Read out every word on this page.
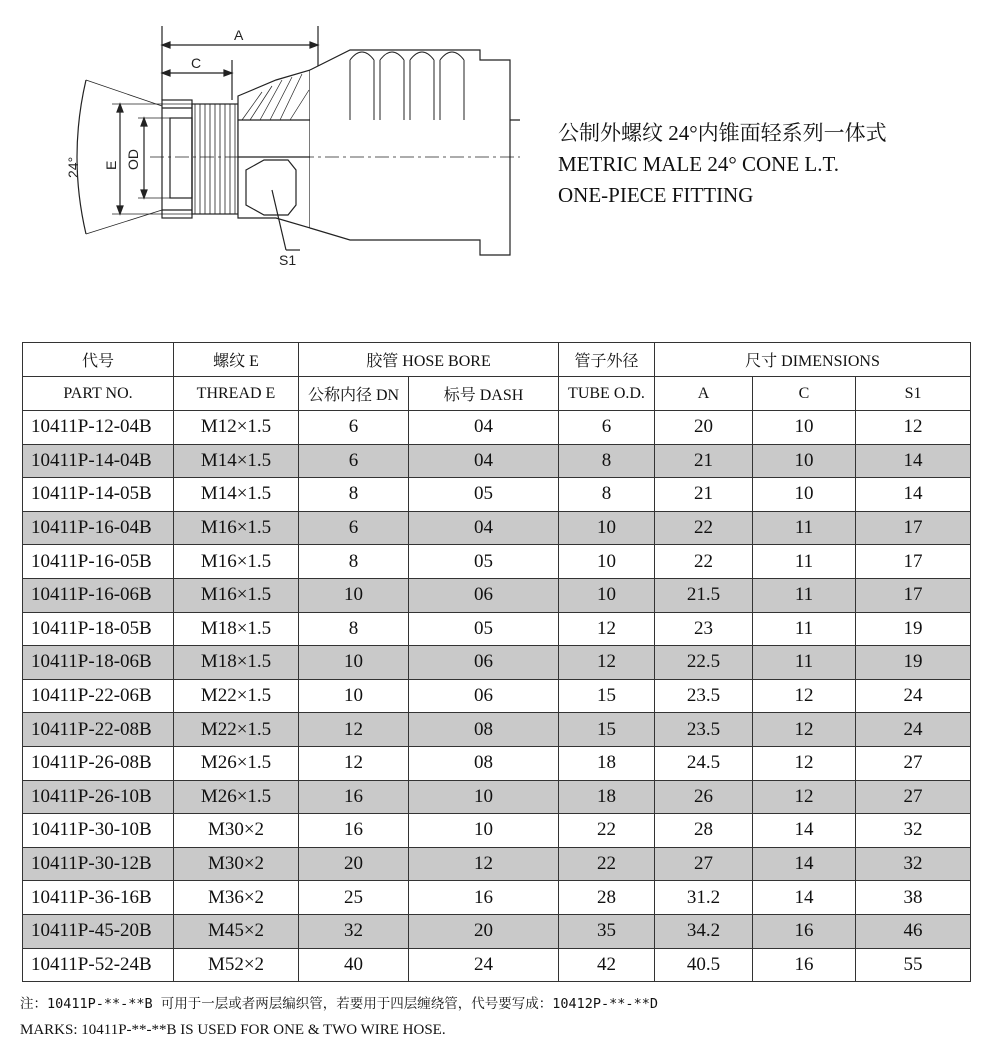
A
C
E OD
24°
S1
公制外螺纹 24°内锥面轻系列一体式
METRIC MALE 24° CONE L.T.
ONE-PIECE FITTING
代号	螺纹 E	胶管 HOSE BORE		管子外径	尺寸 DIMENSIONS		
PART NO.	THREAD E	公称内径 DN	标号 DASH	TUBE O.D.	A	C	S1
10411P-12-04B	M12×1.5	6	04	6	20	10	12
10411P-14-04B	M14×1.5	6	04	8	21	10	14
10411P-14-05B	M14×1.5	8	05	8	21	10	14
10411P-16-04B	M16×1.5	6	04	10	22	11	17
10411P-16-05B	M16×1.5	8	05	10	22	11	17
10411P-16-06B	M16×1.5	10	06	10	21.5	11	17
10411P-18-05B	M18×1.5	8	05	12	23	11	19
10411P-18-06B	M18×1.5	10	06	12	22.5	11	19
10411P-22-06B	M22×1.5	10	06	15	23.5	12	24
10411P-22-08B	M22×1.5	12	08	15	23.5	12	24
10411P-26-08B	M26×1.5	12	08	18	24.5	12	27
10411P-26-10B	M26×1.5	16	10	18	26	12	27
10411P-30-10B	M30×2	16	10	22	28	14	32
10411P-30-12B	M30×2	20	12	22	27	14	32
10411P-36-16B	M36×2	25	16	28	31.2	14	38
10411P-45-20B	M45×2	32	20	35	34.2	16	46
10411P-52-24B	M52×2	40	24	42	40.5	16	55
注：10411P-**-**B 可用于一层或者两层编织管，若要用于四层缠绕管，代号要写成：10412P-**-**D
MARKS: 10411P-**-**B IS USED FOR ONE & TWO WIRE HOSE.
